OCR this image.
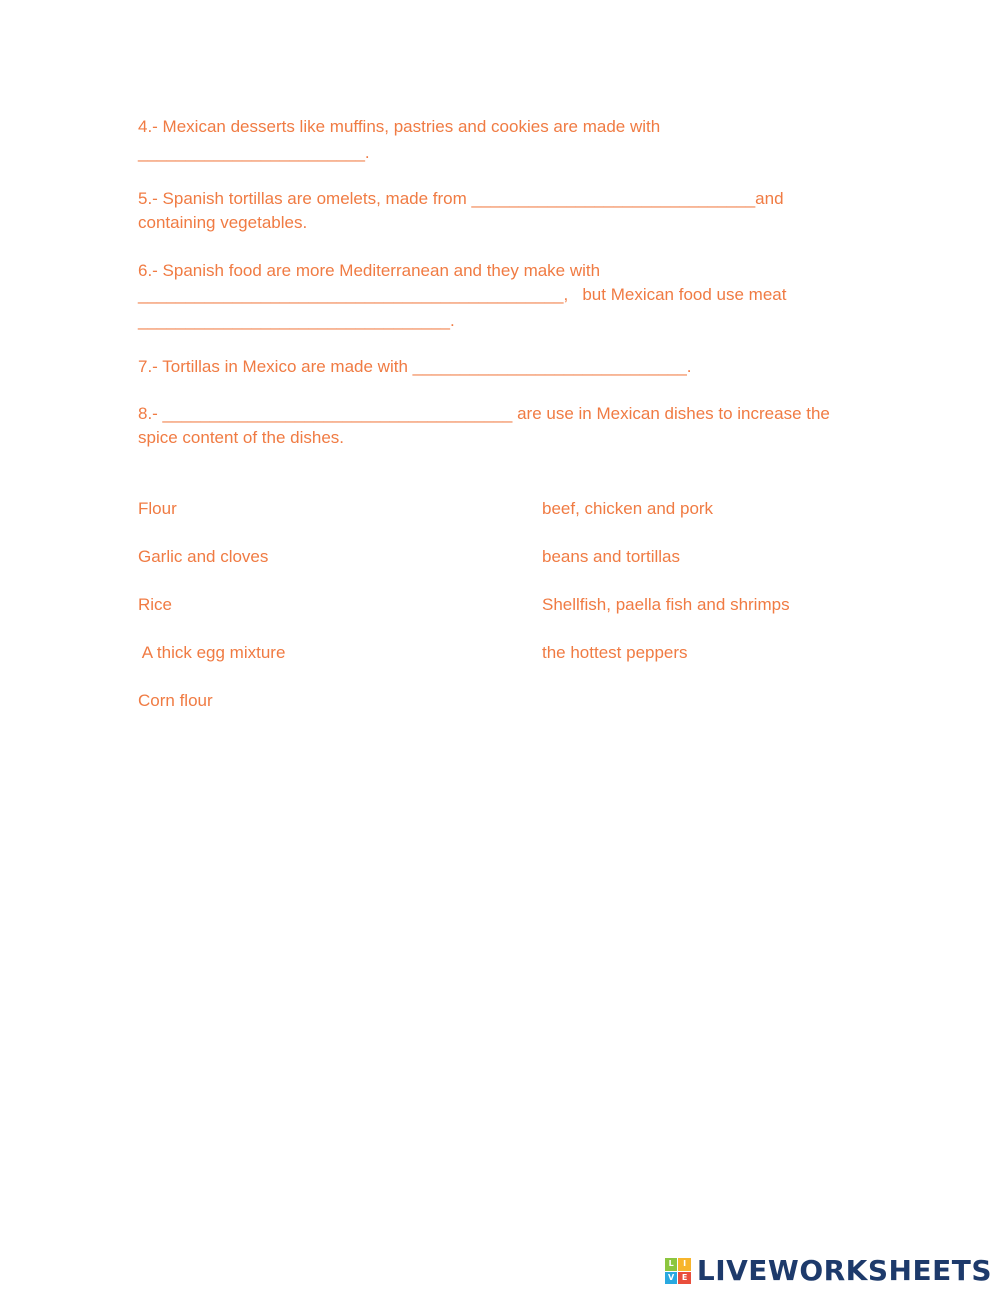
4.- Mexican desserts like muffins, pastries and cookies are made with

________________________.

5.- Spanish tortillas are omelets, made from ______________________________and

containing vegetables.

6.- Spanish food are more Mediterranean and they make with

_____________________________________________,   but Mexican food use meat

_________________________________.

7.- Tortillas in Mexico are made with _____________________________.

8.- _____________________________________ are use in Mexican dishes to increase the

spice content of the dishes.

Flour

Garlic and cloves

Rice

A thick egg mixture

Corn flour

beef, chicken and pork

beans and tortillas

Shellfish, paella fish and shrimps

the hottest peppers

L	I
V E LIVEWORKSHEETS
